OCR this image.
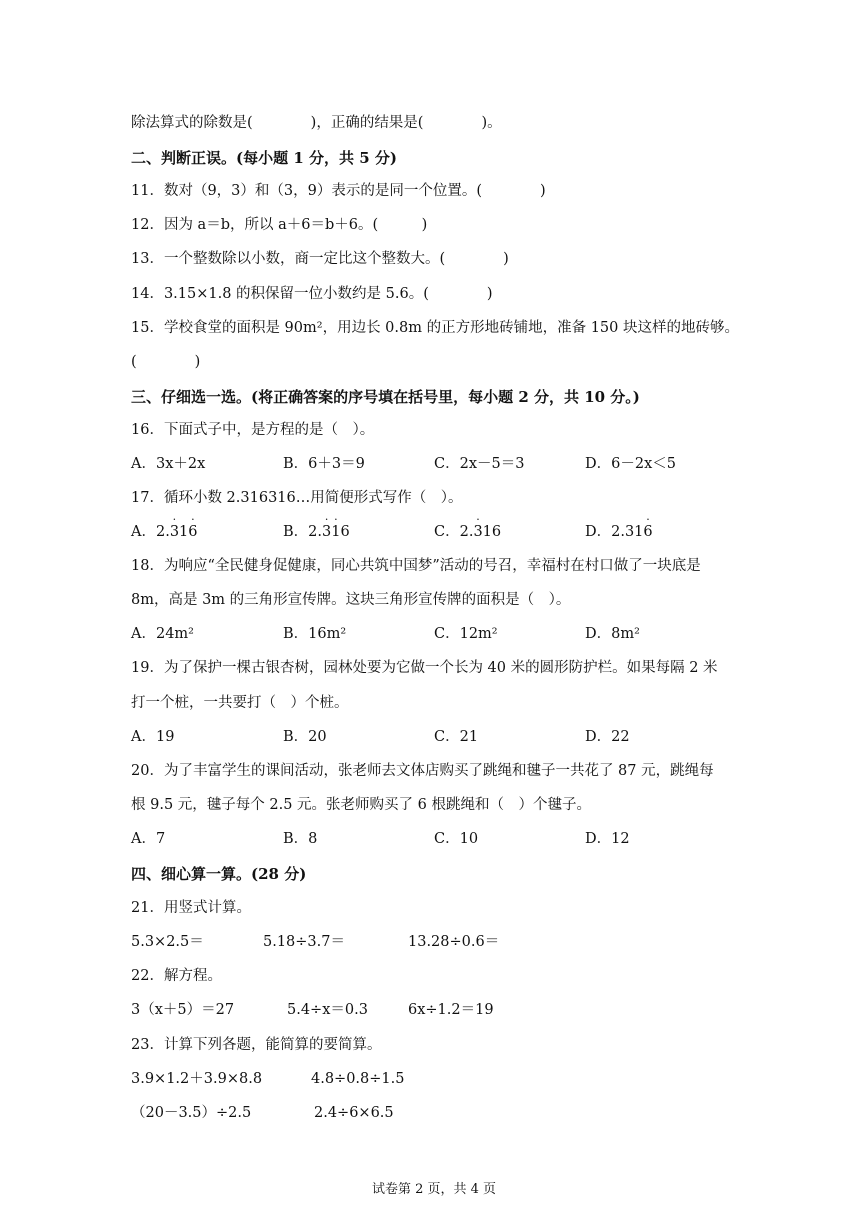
除法算式的除数是(　　　　)，正确的结果是(　　　　)。
二、判断正误。(每小题 1 分，共 5 分)
11．数对（9，3）和（3，9）表示的是同一个位置。(　　　　)
12．因为 a＝b，所以 a＋6＝b＋6。(　　　)
13．一个整数除以小数，商一定比这个整数大。(　　　　)
14．3.15×1.8 的积保留一位小数约是 5.6。(　　　　)
15．学校食堂的面积是 90m²，用边长 0.8m 的正方形地砖铺地，准备 150 块这样的地砖够。
(　　　　)
三、仔细选一选。(将正确答案的序号填在括号里，每小题 2 分，共 10 分。)
16．下面式子中，是方程的是（　）。
A．3x＋2x	B．6＋3＝9	C．2x－5＝3	D．6－2x＜5
17．循环小数 2.316316…用简便形式写作（　）。
A．2.3
·
16
·
B．2.3
·
1
·
6	C．2.3
·
16	D．2.316
·
18．为响应“全民健身促健康，同心共筑中国梦”活动的号召，幸福村在村口做了一块底是
8m，高是 3m 的三角形宣传牌。这块三角形宣传牌的面积是（　）。
A．24m²	B．16m²	C．12m²	D．8m²
19．为了保护一棵古银杏树，园林处要为它做一个长为 40 米的圆形防护栏。如果每隔 2 米
打一个桩，一共要打（　）个桩。
A．19	B．20	C．21	D．22
20．为了丰富学生的课间活动，张老师去文体店购买了跳绳和毽子一共花了 87 元，跳绳每
根 9.5 元，毽子每个 2.5 元。张老师购买了 6 根跳绳和（　）个毽子。
A．7	B．8	C．10	D．12
四、细心算一算。(28 分)
21．用竖式计算。
5.3×2.5＝	5.18÷3.7＝	13.28÷0.6＝
22．解方程。
3（x＋5）＝27	5.4÷x＝0.3	6x÷1.2＝19
23．计算下列各题，能简算的要简算。
3.9×1.2＋3.9×8.8	4.8÷0.8÷1.5
（20－3.5）÷2.5	2.4÷6×6.5
试卷第 2 页，共 4 页
